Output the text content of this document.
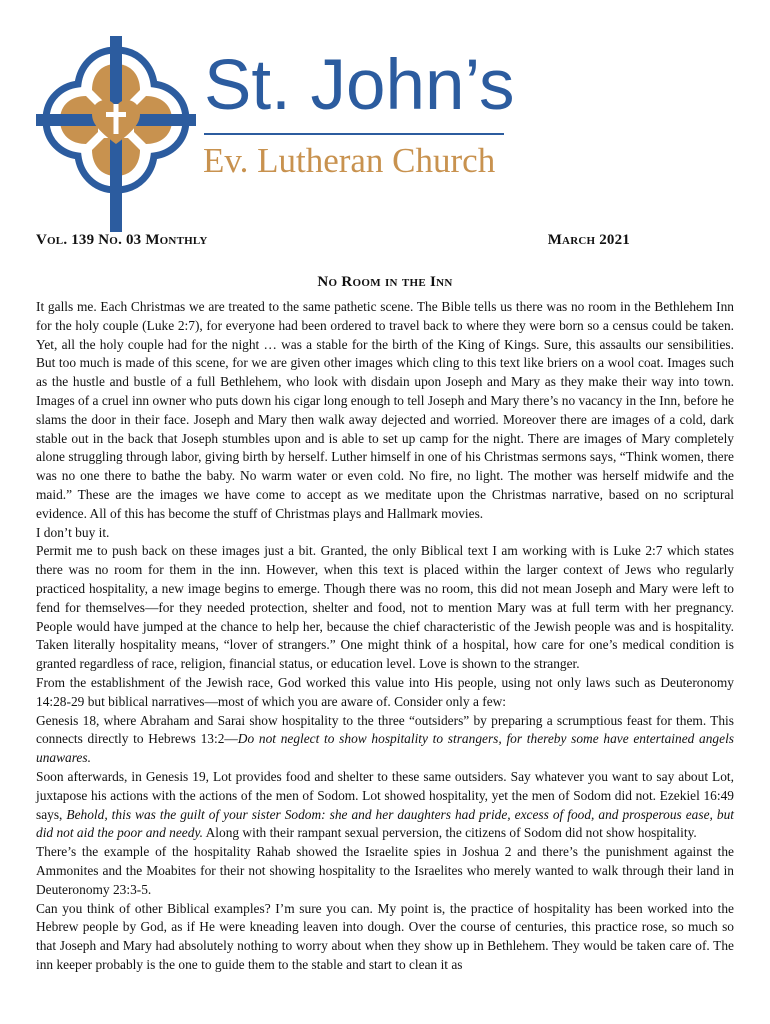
St. John’s
Ev. Lutheran Church
Vol. 139 No. 03 Monthly	March 2021
No Room in the Inn

It galls me. Each Christmas we are treated to the same pathetic scene. The Bible tells us there was no room in the Bethlehem Inn for the holy couple (Luke 2:7), for everyone had been ordered to travel back to where they were born so a census could be taken. Yet, all the holy couple had for the night … was a stable for the birth of the King of Kings. Sure, this assaults our sensibilities. But too much is made of this scene, for we are given other images which cling to this text like briers on a wool coat. Images such as the hustle and bustle of a full Bethlehem, who look with disdain upon Joseph and Mary as they make their way into town. Images of a cruel inn owner who puts down his cigar long enough to tell Joseph and Mary there’s no vacancy in the Inn, before he slams the door in their face. Joseph and Mary then walk away dejected and worried. Moreover there are images of a cold, dark stable out in the back that Joseph stumbles upon and is able to set up camp for the night. There are images of Mary completely alone struggling through labor, giving birth by herself. Luther himself in one of his Christmas sermons says, “Think women, there was no one there to bathe the baby. No warm water or even cold. No fire, no light. The mother was herself midwife and the maid.” These are the images we have come to accept as we meditate upon the Christmas narrative, based on no scriptural evidence. All of this has become the stuff of Christmas plays and Hallmark movies.

I don’t buy it.

Permit me to push back on these images just a bit. Granted, the only Biblical text I am working with is Luke 2:7 which states there was no room for them in the inn. However, when this text is placed within the larger context of Jews who regularly practiced hospitality, a new image begins to emerge. Though there was no room, this did not mean Joseph and Mary were left to fend for themselves—for they needed protection, shelter and food, not to mention Mary was at full term with her pregnancy. People would have jumped at the chance to help her, because the chief characteristic of the Jewish people was and is hospitality. Taken literally hospitality means, “lover of strangers.” One might think of a hospital, how care for one’s medical condition is granted regardless of race, religion, financial status, or education level. Love is shown to the stranger.

From the establishment of the Jewish race, God worked this value into His people, using not only laws such as Deuteronomy 14:28-29 but biblical narratives—most of which you are aware of. Consider only a few:

Genesis 18, where Abraham and Sarai show hospitality to the three “outsiders” by preparing a scrumptious feast for them. This connects directly to Hebrews 13:2—Do not neglect to show hospitality to strangers, for thereby some have entertained angels unawares.

Soon afterwards, in Genesis 19, Lot provides food and shelter to these same outsiders. Say whatever you want to say about Lot, juxtapose his actions with the actions of the men of Sodom. Lot showed hospitality, yet the men of Sodom did not. Ezekiel 16:49 says, Behold, this was the guilt of your sister Sodom: she and her daughters had pride, excess of food, and prosperous ease, but did not aid the poor and needy. Along with their rampant sexual perversion, the citizens of Sodom did not show hospitality.

There’s the example of the hospitality Rahab showed the Israelite spies in Joshua 2 and there’s the punishment against the Ammonites and the Moabites for their not showing hospitality to the Israelites who merely wanted to walk through their land in Deuteronomy 23:3-5.

Can you think of other Biblical examples? I’m sure you can. My point is, the practice of hospitality has been worked into the Hebrew people by God, as if He were kneading leaven into dough. Over the course of centuries, this practice rose, so much so that Joseph and Mary had absolutely nothing to worry about when they show up in Bethlehem. They would be taken care of. The inn keeper probably is the one to guide them to the stable and start to clean it as
